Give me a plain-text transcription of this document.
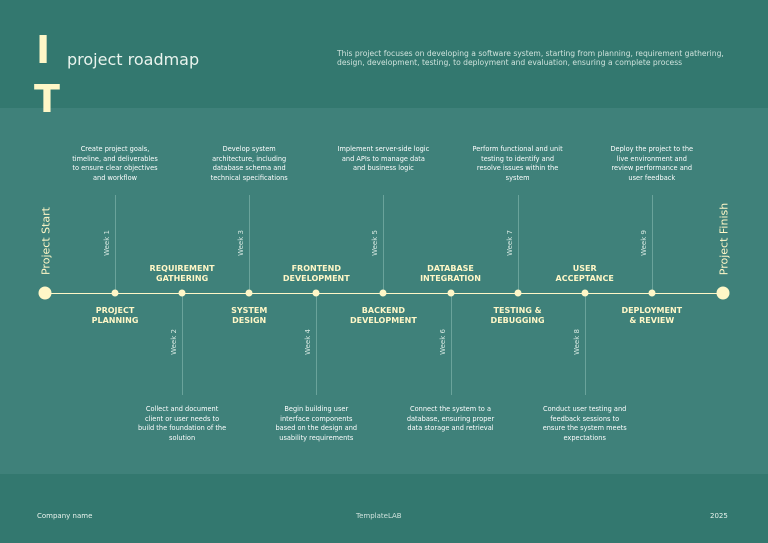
I
T
project roadmap	This project focuses on developing a software system, starting from planning, requirement gathering, design, development, testing, to deployment and evaluation, ensuring a complete process
Project Start	Project Finish
Week 1
PROJECT
PLANNING
Create project goals, timeline, and deliverables to ensure clear objectives and workflow
Week 2
REQUIREMENT
GATHERING
Collect and document client or user needs to build the foundation of the solution
Week 3
SYSTEM
DESIGN
Develop system architecture, including database schema and technical specifications
Week 4
FRONTEND
DEVELOPMENT
Begin building user interface components based on the design and usability requirements
Week 5
BACKEND
DEVELOPMENT
Implement server-side logic and APIs to manage data and business logic
Week 6
DATABASE
INTEGRATION
Connect the system to a database, ensuring proper data storage and retrieval
Week 7
TESTING &
DEBUGGING
Perform functional and unit testing to identify and resolve issues within the system
Week 8
USER
ACCEPTANCE
Conduct user testing and feedback sessions to ensure the system meets expectations
Week 9
DEPLOYMENT
& REVIEW
Deploy the project to the live environment and review performance and user feedback
Company name	TemplateLAB	2025
